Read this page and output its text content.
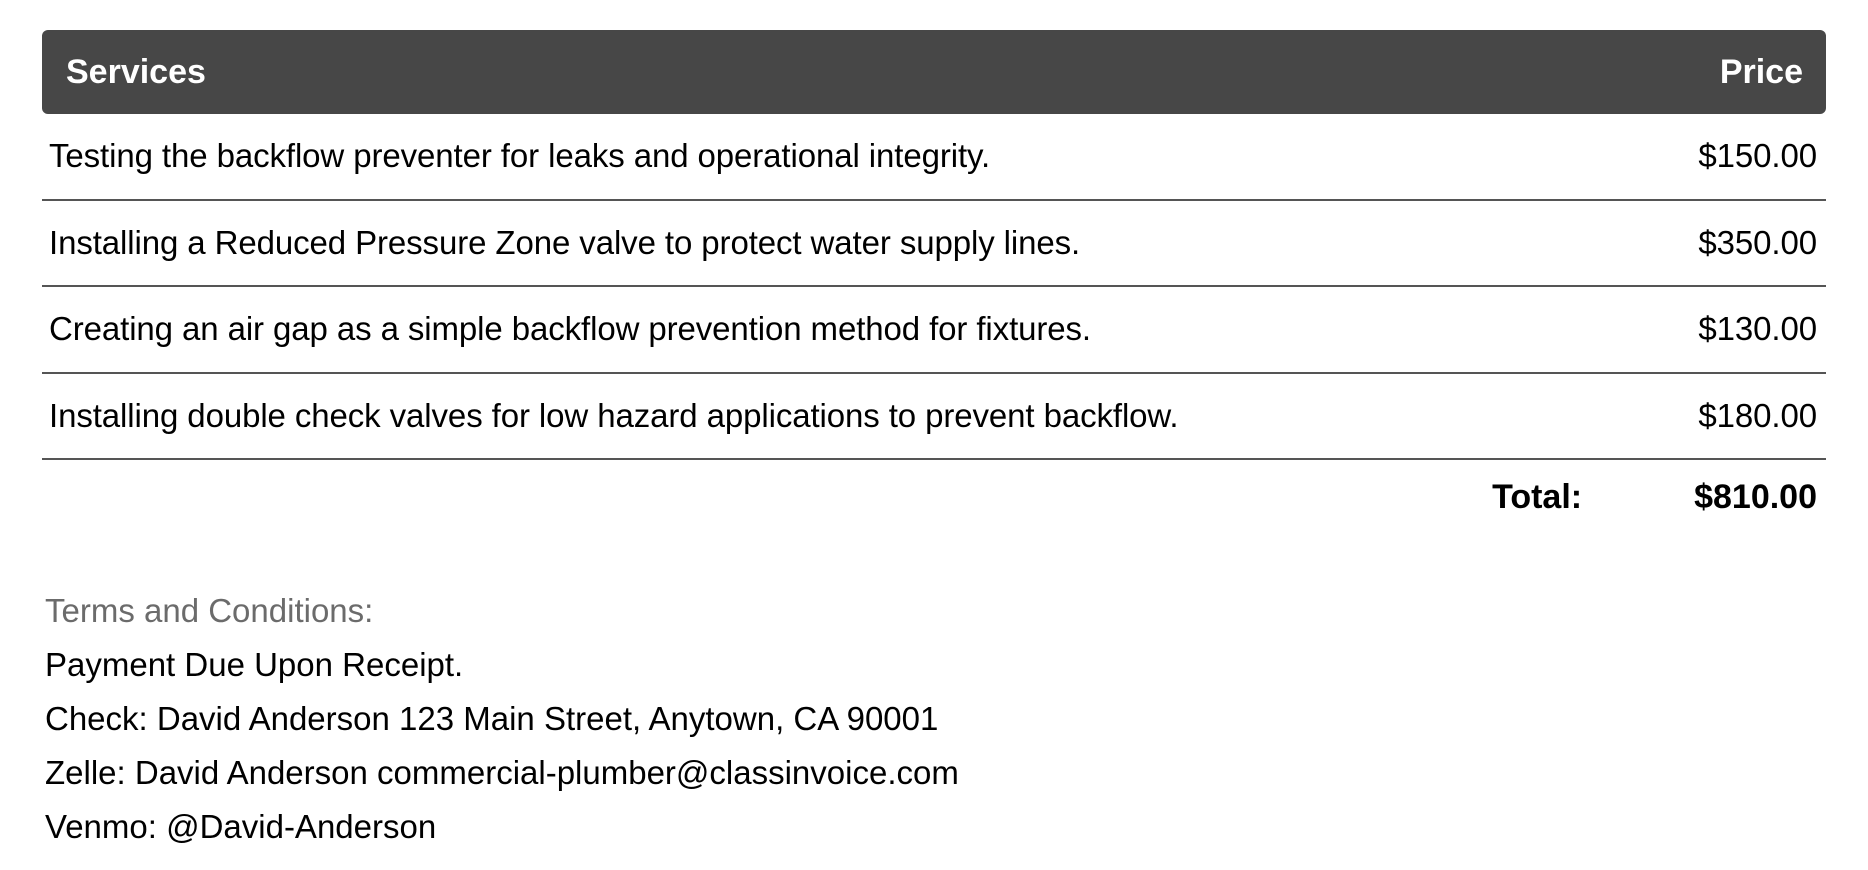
Services	Price
Testing the backflow preventer for leaks and operational integrity.	$150.00
Installing a Reduced Pressure Zone valve to protect water supply lines.	$350.00
Creating an air gap as a simple backflow prevention method for fixtures.	$130.00
Installing double check valves for low hazard applications to prevent backflow.	$180.00
Total:	$810.00
Terms and Conditions:
Payment Due Upon Receipt.
Check: David Anderson 123 Main Street, Anytown, CA 90001
Zelle: David Anderson commercial-plumber@classinvoice.com
Venmo: @David-Anderson
